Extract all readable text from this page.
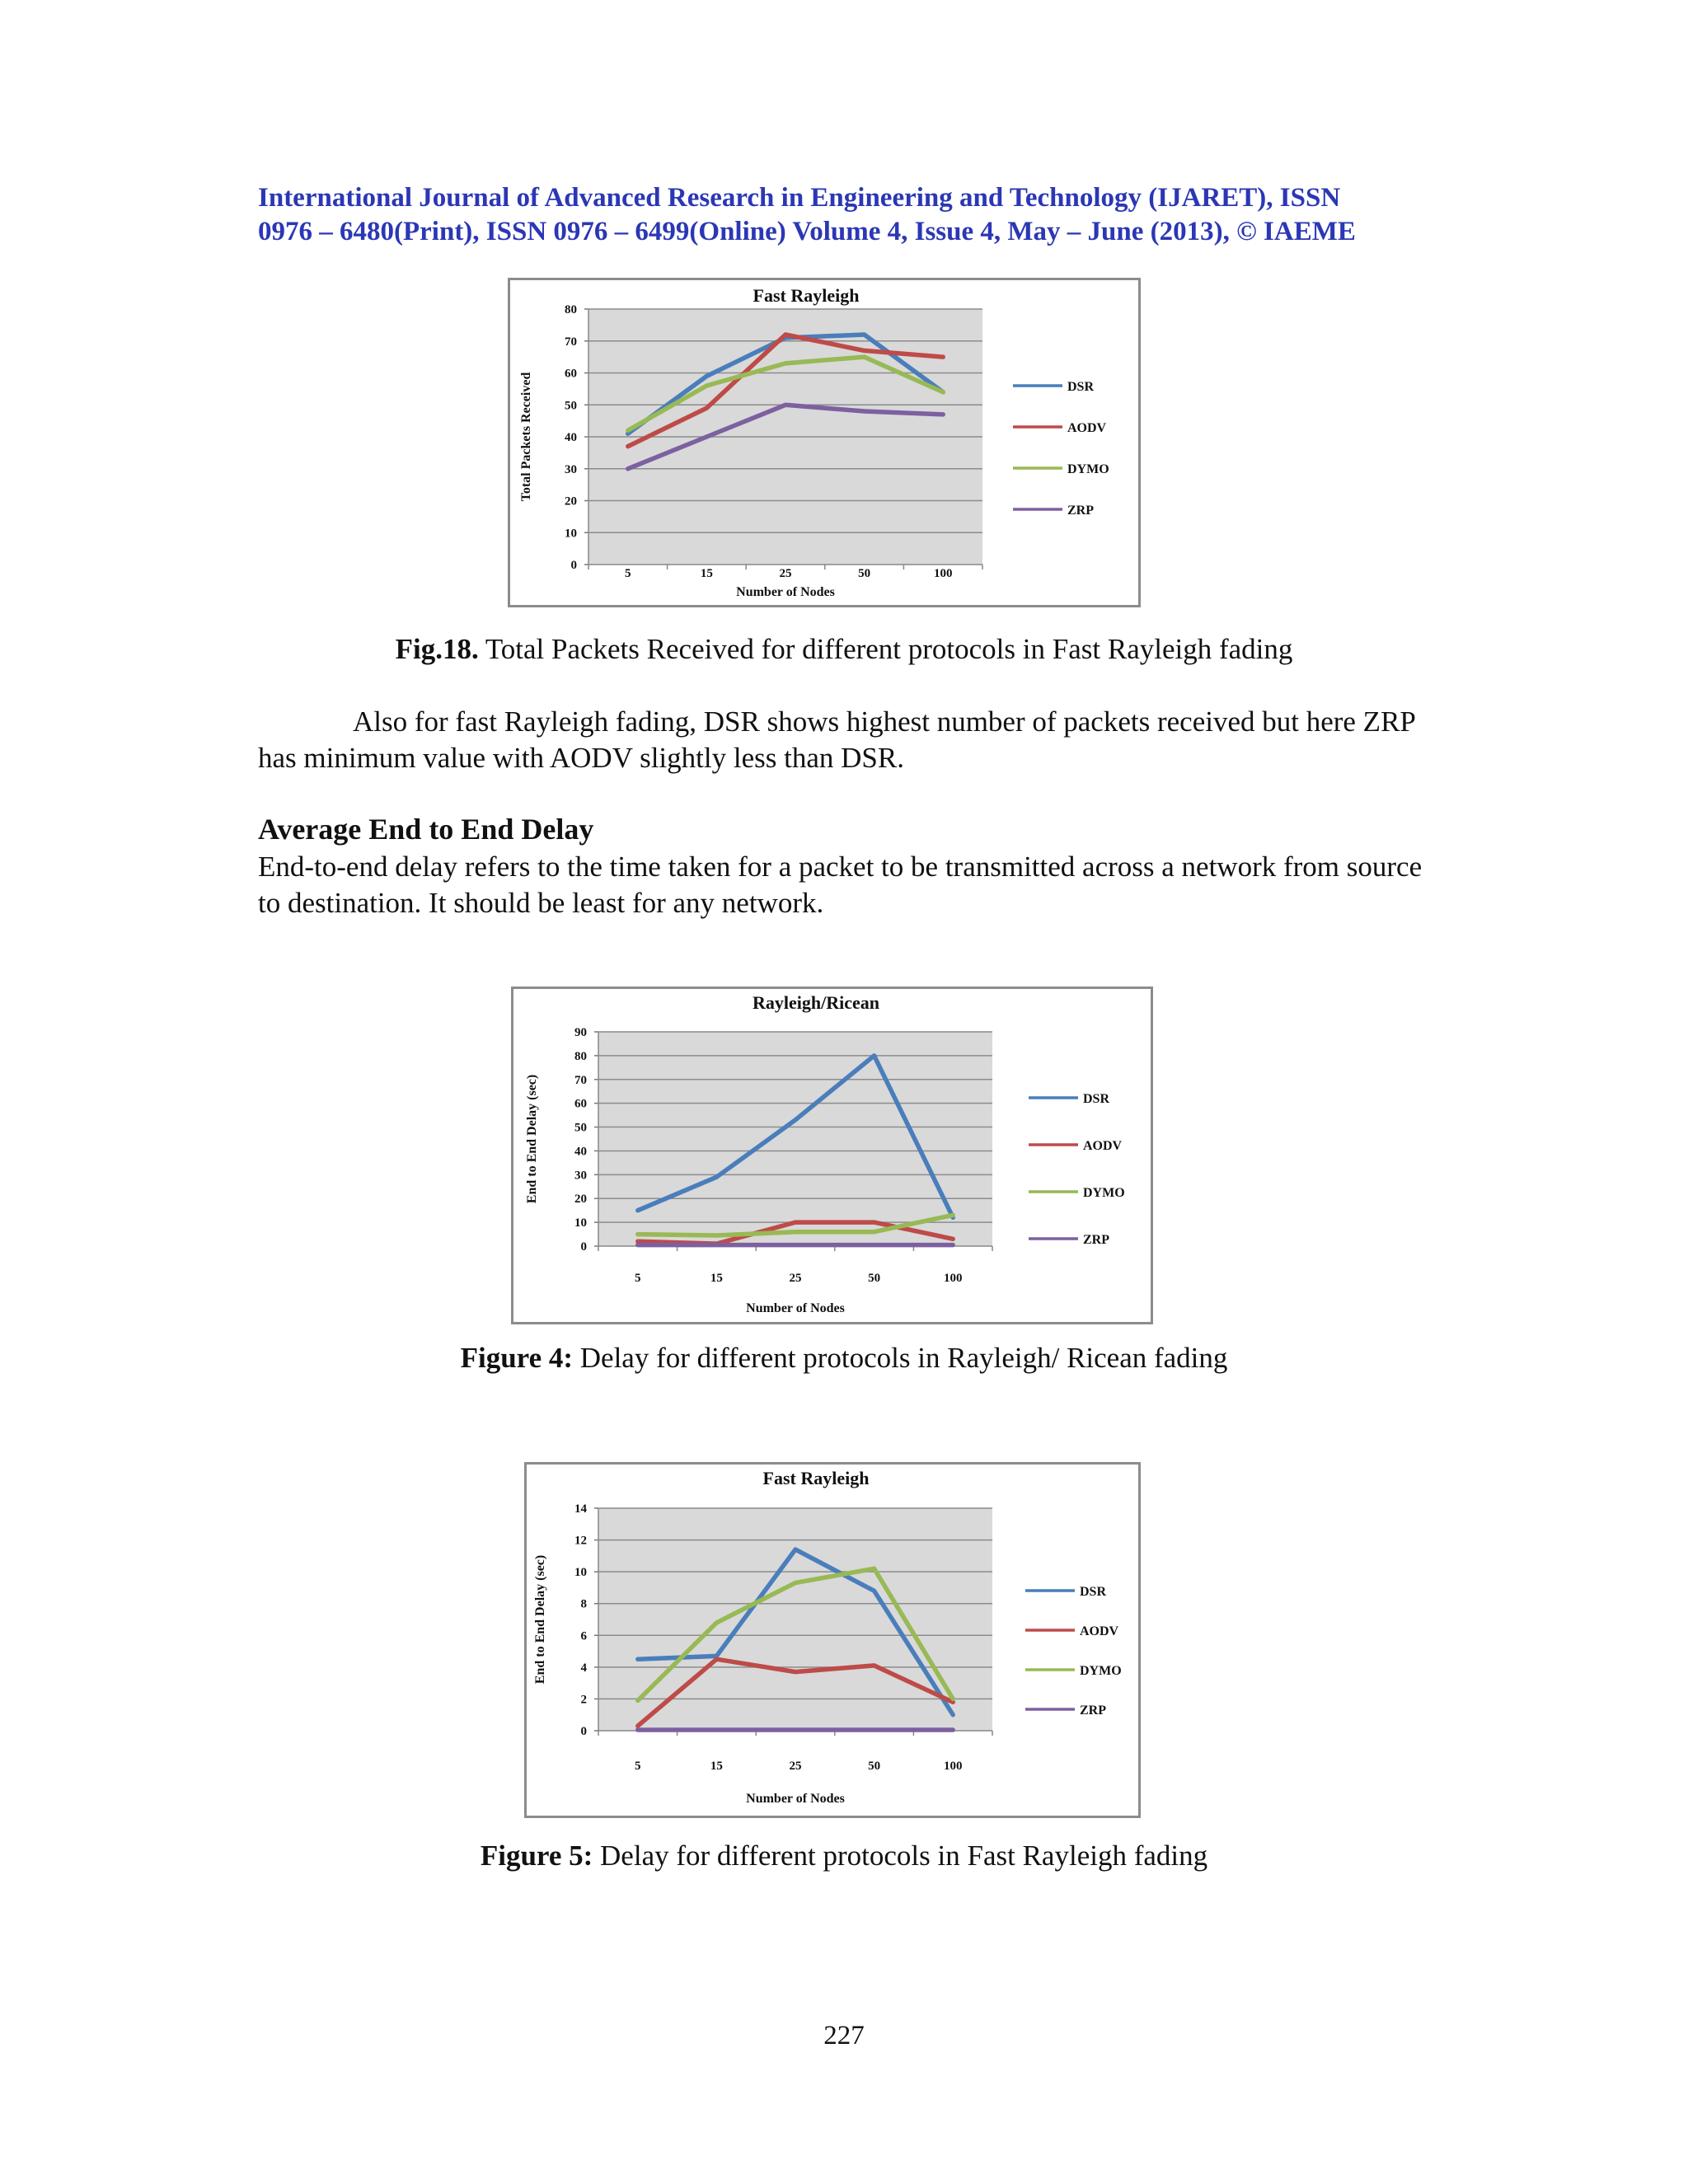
International Journal of Advanced Research in Engineering and Technology (IJARET), ISSN
0976 – 6480(Print), ISSN 0976 – 6499(Online) Volume 4, Issue 4, May – June (2013), © IAEME
0
10
20
30
40
50
60
70
80
5	15	25	50	100
Fast Rayleigh
Number of Nodes
Total Packets Received	DSR
AODV
DYMO
ZRP
Fig.18. Total Packets Received for different protocols in Fast Rayleigh fading
Also for fast Rayleigh fading, DSR shows highest number of packets received but here ZRP has minimum value with AODV slightly less than DSR.
Average End to End Delay
End-to-end delay refers to the time taken for a packet to be transmitted across a network from source to destination. It should be least for any network.
0
10
20
30
40
50
60
70
80
90
5	15	25	50	100
Rayleigh/Ricean
Number of Nodes
End to End Delay (sec)	DSR
AODV
DYMO
ZRP
Figure 4: Delay for different protocols in Rayleigh/ Ricean fading
0
2
4
6
8
10
12
14
5	15	25	50	100
Fast Rayleigh
Number of Nodes
End to End Delay (sec)	DSR
AODV
DYMO
ZRP
Figure 5: Delay for different protocols in Fast Rayleigh fading
227
